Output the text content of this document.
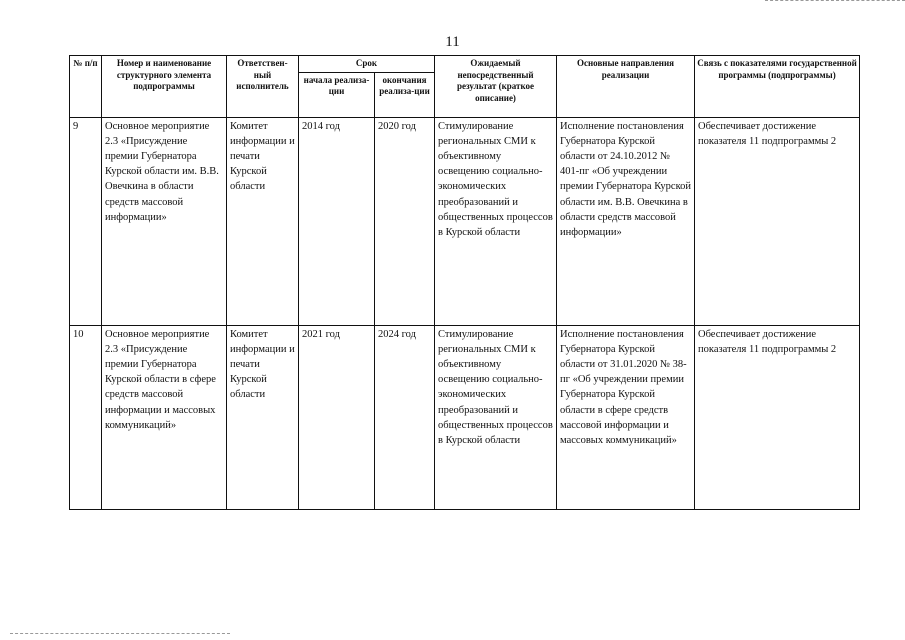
11
№ п/п	Номер и наименование структурного элемента подпрограммы	Ответствен-ный исполнитель	Срок		Ожидаемый непосредственный результат (краткое описание)	Основные направления реализации	Связь с показателями государственной программы (подпрограммы)
			начала реализа-ции	окончания реализа-ции			
9	Основное мероприятие 2.3 «Присуждение премии Губернатора Курской области им. В.В. Овечкина в области средств массовой информации»	Комитет информации и печати Курской области	2014 год	2020 год	Стимулирование региональных СМИ к объективному освещению социально-экономических преобразований и общественных процессов в Курской области	Исполнение постановления Губернатора Курской области от 24.10.2012 № 401-пг «Об учреждении премии Губернатора Курской области им. В.В. Овечкина в области средств массовой информации»	Обеспечивает достижение показателя 11 подпрограммы 2
10	Основное мероприятие 2.3 «Присуждение премии Губернатора Курской области в сфере средств массовой информации и массовых коммуникаций»	Комитет информации и печати Курской области	2021 год	2024 год	Стимулирование региональных СМИ к объективному освещению социально-экономических преобразований и общественных процессов в Курской области	Исполнение постановления Губернатора Курской области от 31.01.2020 № 38-пг «Об учреждении премии Губернатора Курской области в сфере средств массовой информации и массовых коммуникаций»	Обеспечивает достижение показателя 11 подпрограммы 2
